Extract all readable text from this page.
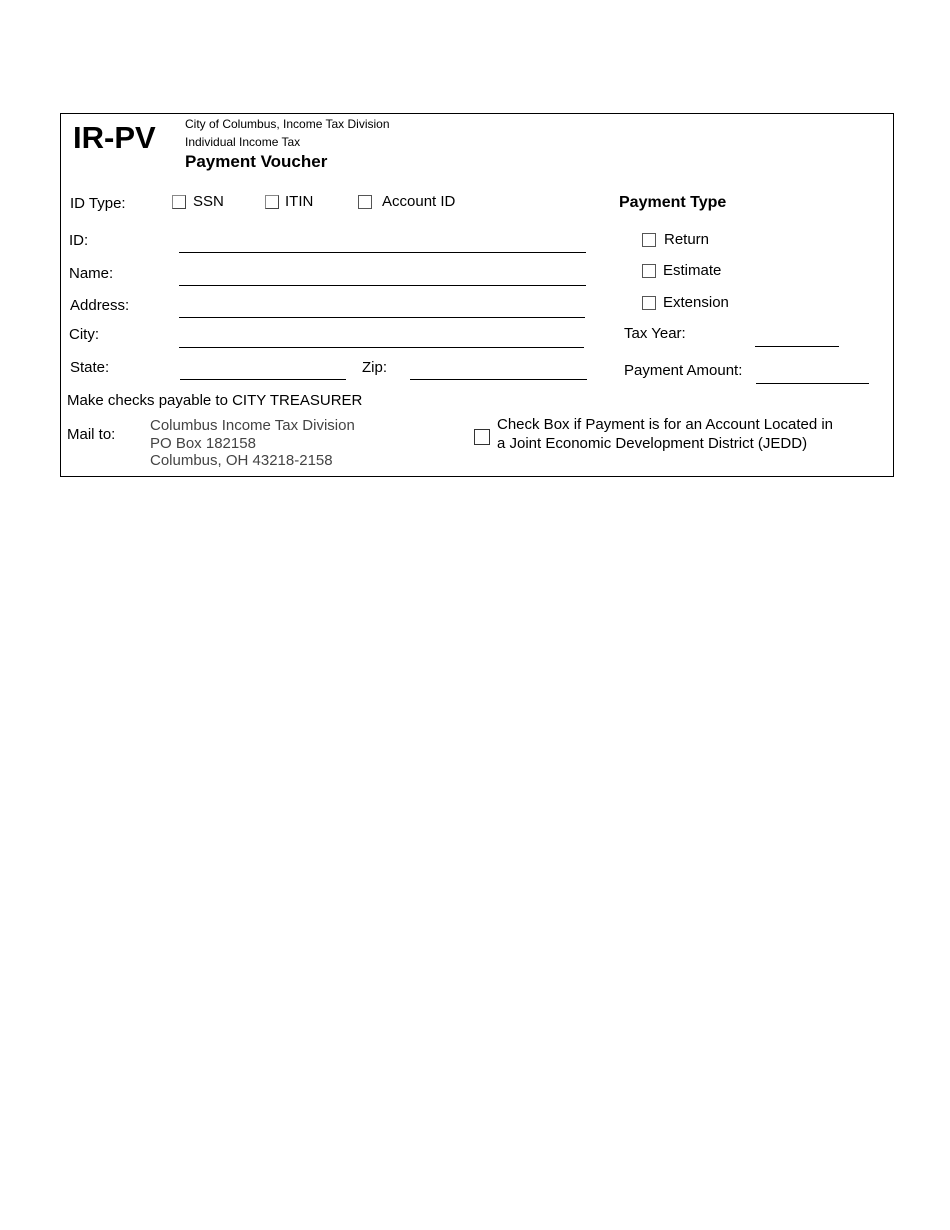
IR-PV City of Columbus, Income Tax Division
Individual Income Tax
Payment Voucher
ID Type:	SSN	ITIN	Account ID
ID:
Name:
Address:
City:
State:	Zip:
Payment Type
Return
Estimate
Extension
Tax Year:
Payment Amount:
Make checks payable to CITY TREASURER
Mail to:
Columbus Income Tax Division
PO Box 182158
Columbus, OH 43218-2158
Check Box if Payment is for an Account Located in
a Joint Economic Development District (JEDD)
